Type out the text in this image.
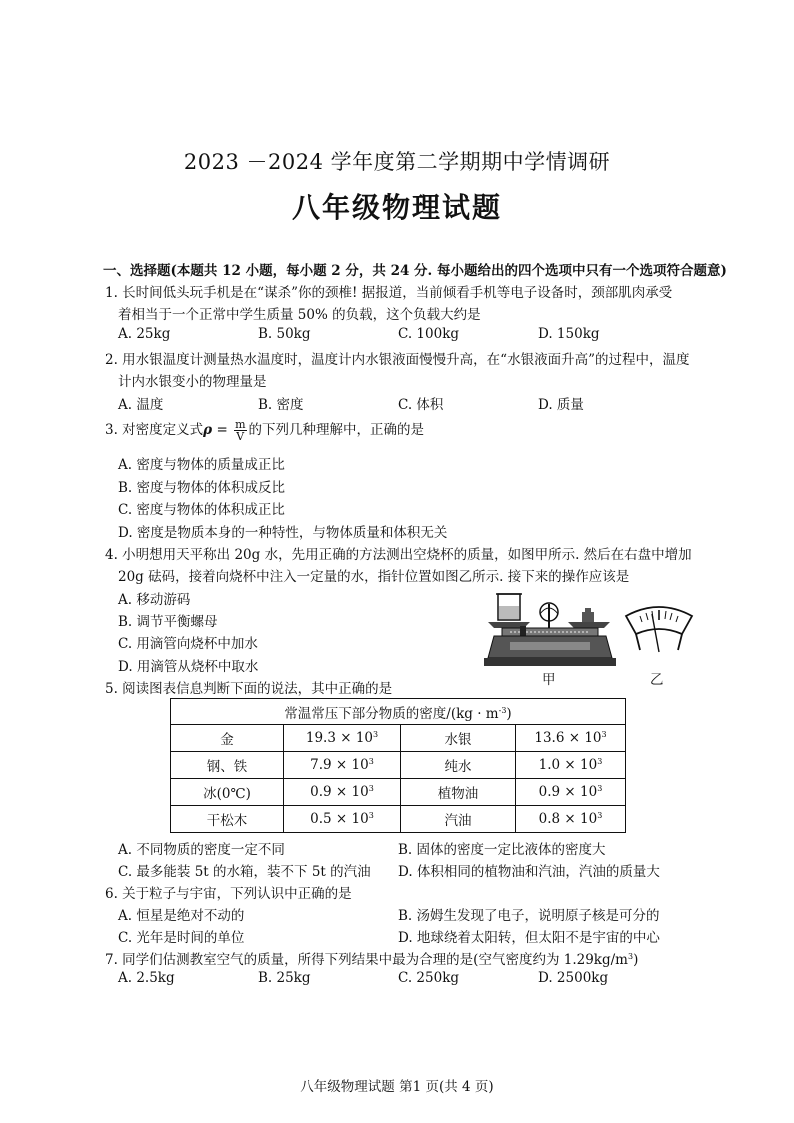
2023 －2024 学年度第二学期期中学情调研
八年级物理试题
一、选择题(本题共 12 小题，每小题 2 分，共 24 分. 每小题给出的四个选项中只有一个选项符合题意)
1. 长时间低头玩手机是在“谋杀”你的颈椎! 据报道，当前倾看手机等电子设备时，颈部肌肉承受
着相当于一个正常中学生质量 50% 的负载，这个负载大约是
A. 25kg	B. 50kg	C. 100kg	D. 150kg
2. 用水银温度计测量热水温度时，温度计内水银液面慢慢升高，在“水银液面升高”的过程中，温度
计内水银变小的物理量是
A. 温度	B. 密度	C. 体积	D. 质量
3. 对密度定义式$\rho = \frac{m}{V}$ 的下列几种理解中，正确的是
A. 密度与物体的质量成正比
B. 密度与物体的体积成反比
C. 密度与物体的体积成正比
D. 密度是物质本身的一种特性，与物体质量和体积无关
4. 小明想用天平称出 20g 水，先用正确的方法测出空烧杯的质量，如图甲所示. 然后在右盘中增加
20g 砝码，接着向烧杯中注入一定量的水，指针位置如图乙所示. 接下来的操作应该是
A. 移动游码
B. 调节平衡螺母
C. 用滴管向烧杯中加水
D. 用滴管从烧杯中取水
甲	乙
5. 阅读图表信息判断下面的说法，其中正确的是
常温常压下部分物质的密度$/(kg \cdot m^{-3})$			
金	$19.3 \times 10^3$	水银	$13.6 \times 10^3$
钢、铁	$7.9 \times 10^3$	纯水	$1.0 \times 10^3$
冰(0℃)	$0.9 \times 10^3$	植物油	$0.9 \times 10^3$
干松木	$0.5 \times 10^3$	汽油	$0.8 \times 10^3$
A. 不同物质的密度一定不同	B. 固体的密度一定比液体的密度大
C. 最多能装 5t 的水箱，装不下 5t 的汽油 D. 体积相同的植物油和汽油，汽油的质量大
6. 关于粒子与宇宙，下列认识中正确的是
A. 恒星是绝对不动的	B. 汤姆生发现了电子，说明原子核是可分的
C. 光年是时间的单位	D. 地球绕着太阳转，但太阳不是宇宙的中心
7. 同学们估测教室空气的质量，所得下列结果中最为合理的是(空气密度约为 $1.29kg/m^3$)
A. 2.5kg	B. 25kg	C. 250kg	D. 2500kg
八年级物理试题 第1 页(共 4 页)
